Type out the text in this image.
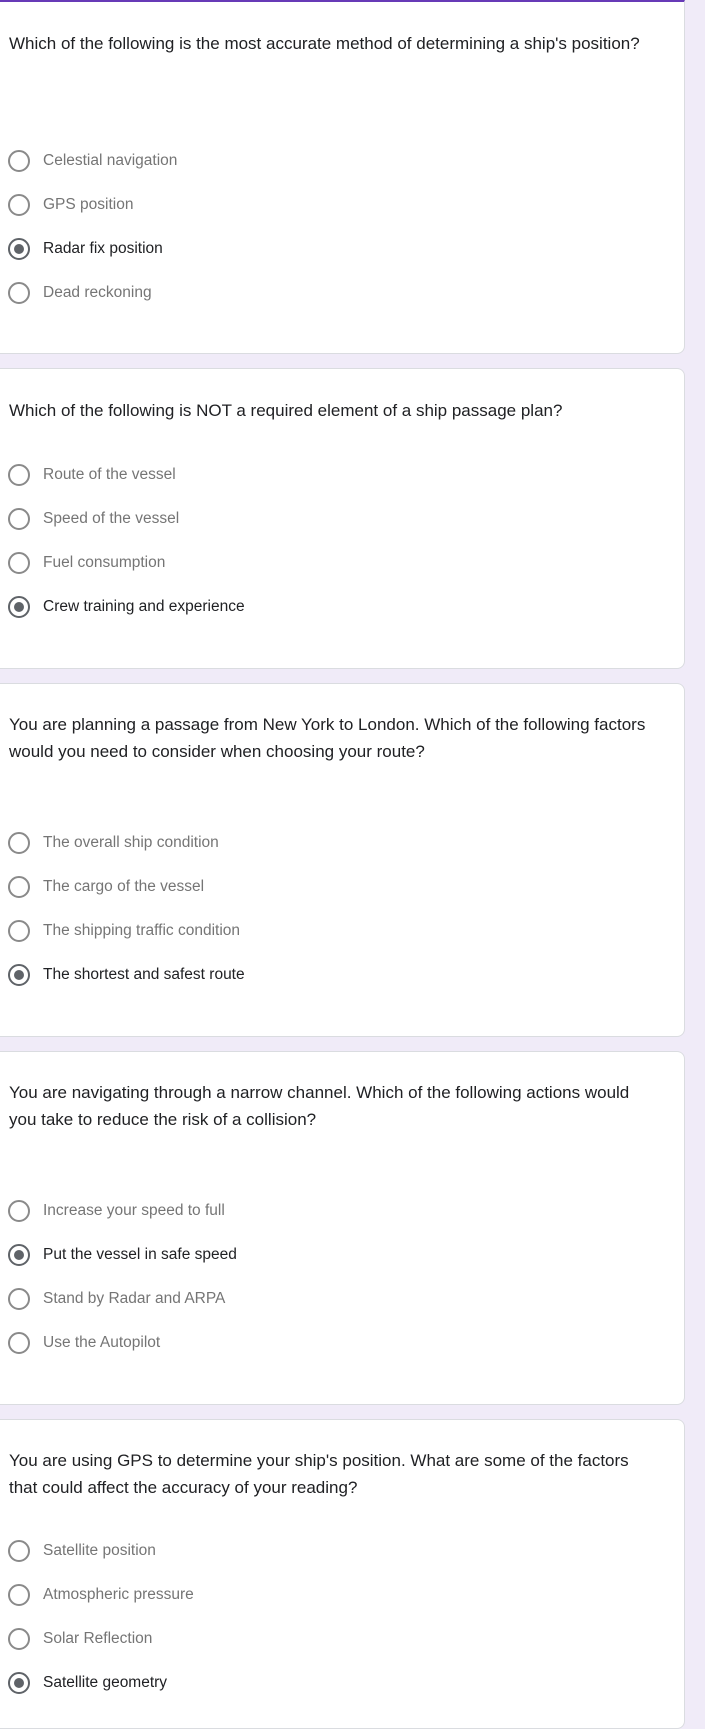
Which of the following is the most accurate method of determining a ship's position?

Celestial navigation
GPS position
Radar fix position
Dead reckoning

Which of the following is NOT a required element of a ship passage plan?

Route of the vessel
Speed of the vessel
Fuel consumption
Crew training and experience

You are planning a passage from New York to London. Which of the following factors would you need to consider when choosing your route?

The overall ship condition
The cargo of the vessel
The shipping traffic condition
The shortest and safest route

You are navigating through a narrow channel. Which of the following actions would you take to reduce the risk of a collision?

Increase your speed to full
Put the vessel in safe speed
Stand by Radar and ARPA
Use the Autopilot

You are using GPS to determine your ship's position. What are some of the factors that could affect the accuracy of your reading?

Satellite position
Atmospheric pressure
Solar Reflection
Satellite geometry
